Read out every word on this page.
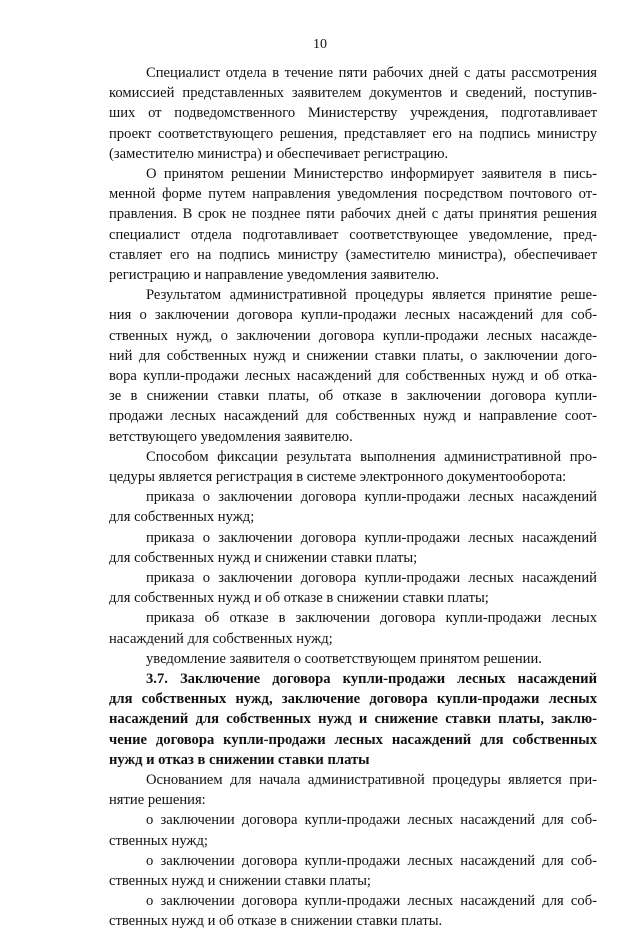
10
Специалист отдела в течение пяти рабочих дней с даты рассмотрения
комиссией представленных заявителем документов и сведений, поступив-
ших от подведомственного Министерству учреждения, подготавливает
проект соответствующего решения, представляет его на подпись министру
(заместителю министра) и обеспечивает регистрацию.
О принятом решении Министерство информирует заявителя в пись-
менной форме путем направления уведомления посредством почтового от-
правления. В срок не позднее пяти рабочих дней с даты принятия решения
специалист отдела подготавливает соответствующее уведомление, пред-
ставляет его на подпись министру (заместителю министра), обеспечивает
регистрацию и направление уведомления заявителю.
Результатом административной процедуры является принятие реше-
ния о заключении договора купли-продажи лесных насаждений для соб-
ственных нужд, о заключении договора купли-продажи лесных насажде-
ний для собственных нужд и снижении ставки платы, о заключении дого-
вора купли-продажи лесных насаждений для собственных нужд и об отка-
зе в снижении ставки платы, об отказе в заключении договора купли-
продажи лесных насаждений для собственных нужд и направление соот-
ветствующего уведомления заявителю.
Способом фиксации результата выполнения административной про-
цедуры является регистрация в системе электронного документооборота:
приказа о заключении договора купли-продажи лесных насаждений
для собственных нужд;
приказа о заключении договора купли-продажи лесных насаждений
для собственных нужд и снижении ставки платы;
приказа о заключении договора купли-продажи лесных насаждений
для собственных нужд и об отказе в снижении ставки платы;
приказа об отказе в заключении договора купли-продажи лесных
насаждений для собственных нужд;
уведомление заявителя о соответствующем принятом решении.
3.7. Заключение договора купли-продажи лесных насаждений
для собственных нужд, заключение договора купли-продажи лесных
насаждений для собственных нужд и снижение ставки платы, заклю-
чение договора купли-продажи лесных насаждений для собственных
нужд и отказ в снижении ставки платы
Основанием для начала административной процедуры является при-
нятие решения:
о заключении договора купли-продажи лесных насаждений для соб-
ственных нужд;
о заключении договора купли-продажи лесных насаждений для соб-
ственных нужд и снижении ставки платы;
о заключении договора купли-продажи лесных насаждений для соб-
ственных нужд и об отказе в снижении ставки платы.
